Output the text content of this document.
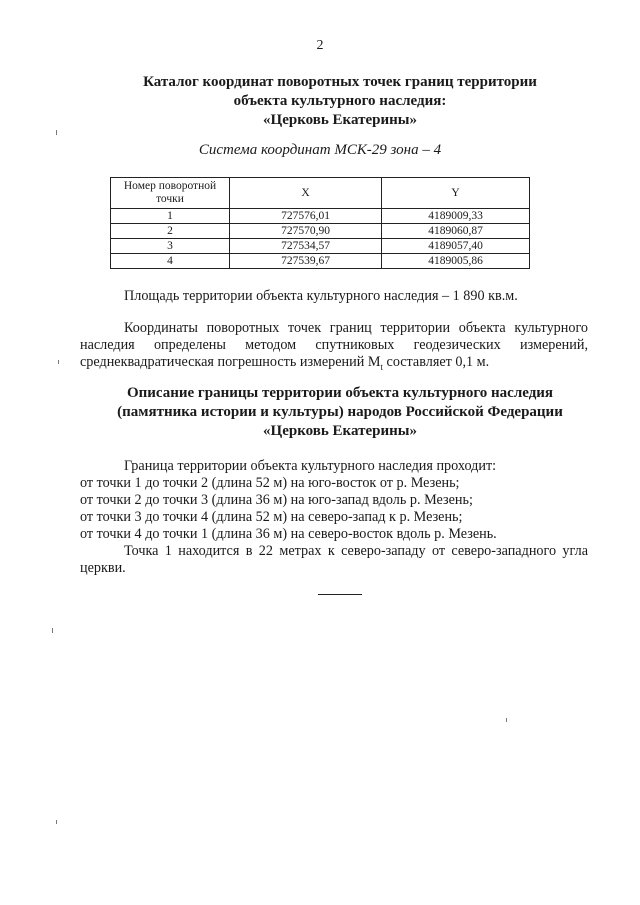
2
Каталог координат поворотных точек границ территории
объекта культурного наследия:
«Церковь Екатерины»
Система координат МСК-29 зона – 4
Номер поворотной точки	X	Y
1	727576,01	4189009,33
2	727570,90	4189060,87
3	727534,57	4189057,40
4	727539,67	4189005,86
Площадь территории объекта культурного наследия – 1 890 кв.м.
Координаты поворотных точек границ территории объекта культурного наследия определены методом спутниковых геодезических измерений, среднеквадратическая погрешность измерений $M_t$ составляет 0,1 м.
Описание границы территории объекта культурного наследия
(памятника истории и культуры) народов Российской Федерации
«Церковь Екатерины»
Граница территории объекта культурного наследия проходит:
от точки 1 до точки 2 (длина 52 м) на юго-восток от р. Мезень;
от точки 2 до точки 3 (длина 36 м) на юго-запад вдоль р. Мезень;
от точки 3 до точки 4 (длина 52 м) на северо-запад к р. Мезень;
от точки 4 до точки 1 (длина 36 м) на северо-восток вдоль р. Мезень.
Точка 1 находится в 22 метрах к северо-западу от северо-западного угла церкви.
